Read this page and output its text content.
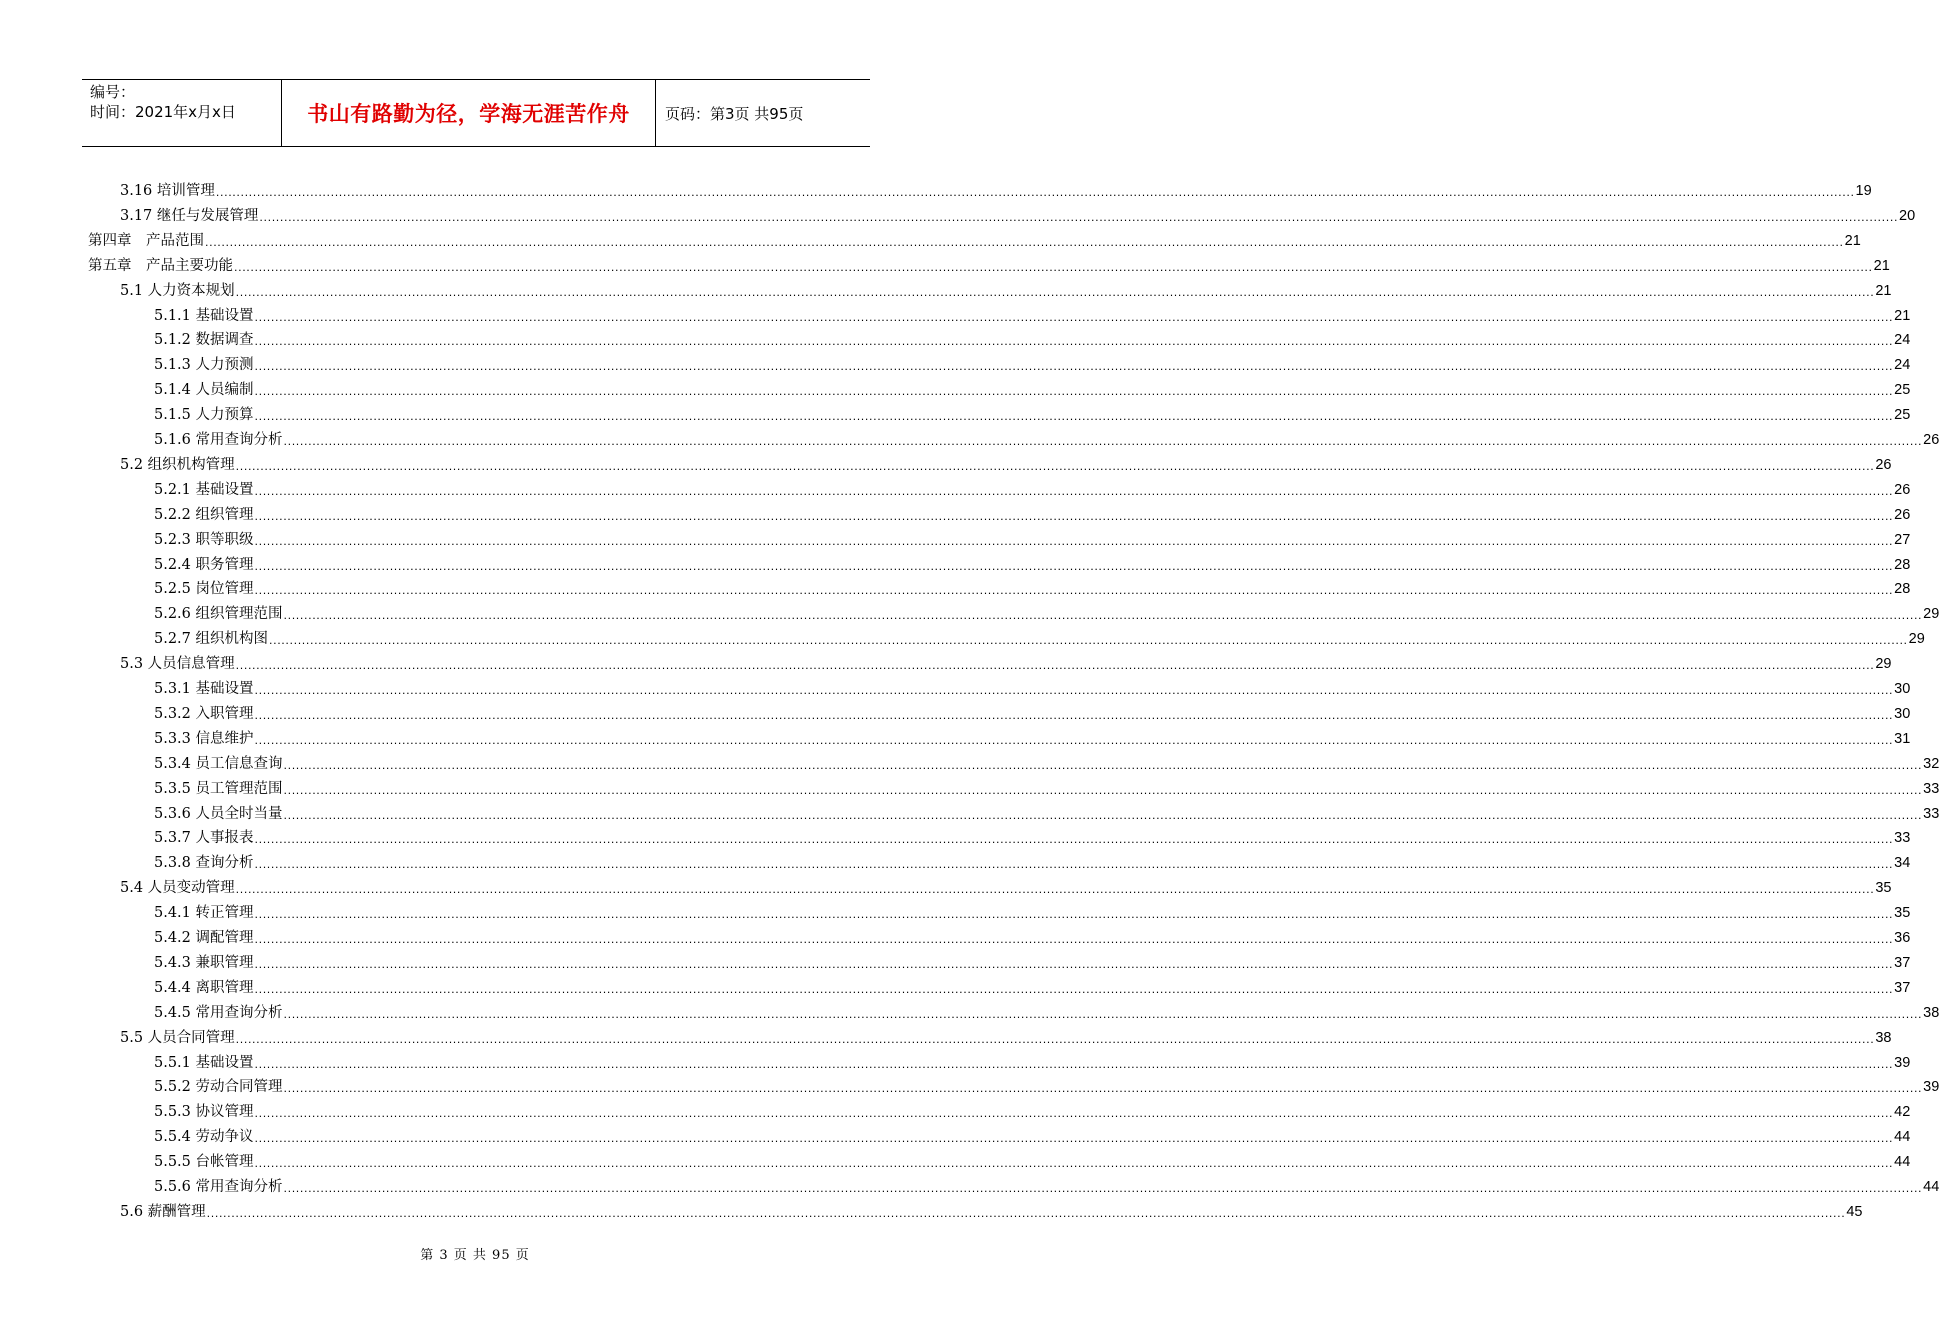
编号：
时间：2021年x月x日	书山有路勤为径，学海无涯苦作舟	页码：第3页 共95页
3.16 培训管理 ................................................................................................................................................................................................................................................................................................................................................................................................................ 19
3.17 继任与发展管理 ................................................................................................................................................................................................................................................................................................................................................................................................................ 20
第四章　产品范围 ................................................................................................................................................................................................................................................................................................................................................................................................................ 21
第五章　产品主要功能 ................................................................................................................................................................................................................................................................................................................................................................................................................ 21
5.1 人力资本规划 ................................................................................................................................................................................................................................................................................................................................................................................................................ 21
5.1.1 基础设置 ................................................................................................................................................................................................................................................................................................................................................................................................................ 21
5.1.2 数据调查 ................................................................................................................................................................................................................................................................................................................................................................................................................ 24
5.1.3 人力预测 ................................................................................................................................................................................................................................................................................................................................................................................................................ 24
5.1.4 人员编制 ................................................................................................................................................................................................................................................................................................................................................................................................................ 25
5.1.5 人力预算 ................................................................................................................................................................................................................................................................................................................................................................................................................ 25
5.1.6 常用查询分析 ................................................................................................................................................................................................................................................................................................................................................................................................................ 26
5.2 组织机构管理 ................................................................................................................................................................................................................................................................................................................................................................................................................ 26
5.2.1 基础设置 ................................................................................................................................................................................................................................................................................................................................................................................................................ 26
5.2.2 组织管理 ................................................................................................................................................................................................................................................................................................................................................................................................................ 26
5.2.3 职等职级 ................................................................................................................................................................................................................................................................................................................................................................................................................ 27
5.2.4 职务管理 ................................................................................................................................................................................................................................................................................................................................................................................................................ 28
5.2.5 岗位管理 ................................................................................................................................................................................................................................................................................................................................................................................................................ 28
5.2.6 组织管理范围 ................................................................................................................................................................................................................................................................................................................................................................................................................ 29
5.2.7 组织机构图 ................................................................................................................................................................................................................................................................................................................................................................................................................ 29
5.3 人员信息管理 ................................................................................................................................................................................................................................................................................................................................................................................................................ 29
5.3.1 基础设置 ................................................................................................................................................................................................................................................................................................................................................................................................................ 30
5.3.2 入职管理 ................................................................................................................................................................................................................................................................................................................................................................................................................ 30
5.3.3 信息维护 ................................................................................................................................................................................................................................................................................................................................................................................................................ 31
5.3.4 员工信息查询 ................................................................................................................................................................................................................................................................................................................................................................................................................ 32
5.3.5 员工管理范围 ................................................................................................................................................................................................................................................................................................................................................................................................................ 33
5.3.6 人员全时当量 ................................................................................................................................................................................................................................................................................................................................................................................................................ 33
5.3.7 人事报表 ................................................................................................................................................................................................................................................................................................................................................................................................................ 33
5.3.8 查询分析 ................................................................................................................................................................................................................................................................................................................................................................................................................ 34
5.4 人员变动管理 ................................................................................................................................................................................................................................................................................................................................................................................................................ 35
5.4.1 转正管理 ................................................................................................................................................................................................................................................................................................................................................................................................................ 35
5.4.2 调配管理 ................................................................................................................................................................................................................................................................................................................................................................................................................ 36
5.4.3 兼职管理 ................................................................................................................................................................................................................................................................................................................................................................................................................ 37
5.4.4 离职管理 ................................................................................................................................................................................................................................................................................................................................................................................................................ 37
5.4.5 常用查询分析 ................................................................................................................................................................................................................................................................................................................................................................................................................ 38
5.5 人员合同管理 ................................................................................................................................................................................................................................................................................................................................................................................................................ 38
5.5.1 基础设置 ................................................................................................................................................................................................................................................................................................................................................................................................................ 39
5.5.2 劳动合同管理 ................................................................................................................................................................................................................................................................................................................................................................................................................ 39
5.5.3 协议管理 ................................................................................................................................................................................................................................................................................................................................................................................................................ 42
5.5.4 劳动争议 ................................................................................................................................................................................................................................................................................................................................................................................................................ 44
5.5.5 台帐管理 ................................................................................................................................................................................................................................................................................................................................................................................................................ 44
5.5.6 常用查询分析 ................................................................................................................................................................................................................................................................................................................................................................................................................ 44
5.6 薪酬管理 ................................................................................................................................................................................................................................................................................................................................................................................................................ 45
第 3 页 共 95 页
